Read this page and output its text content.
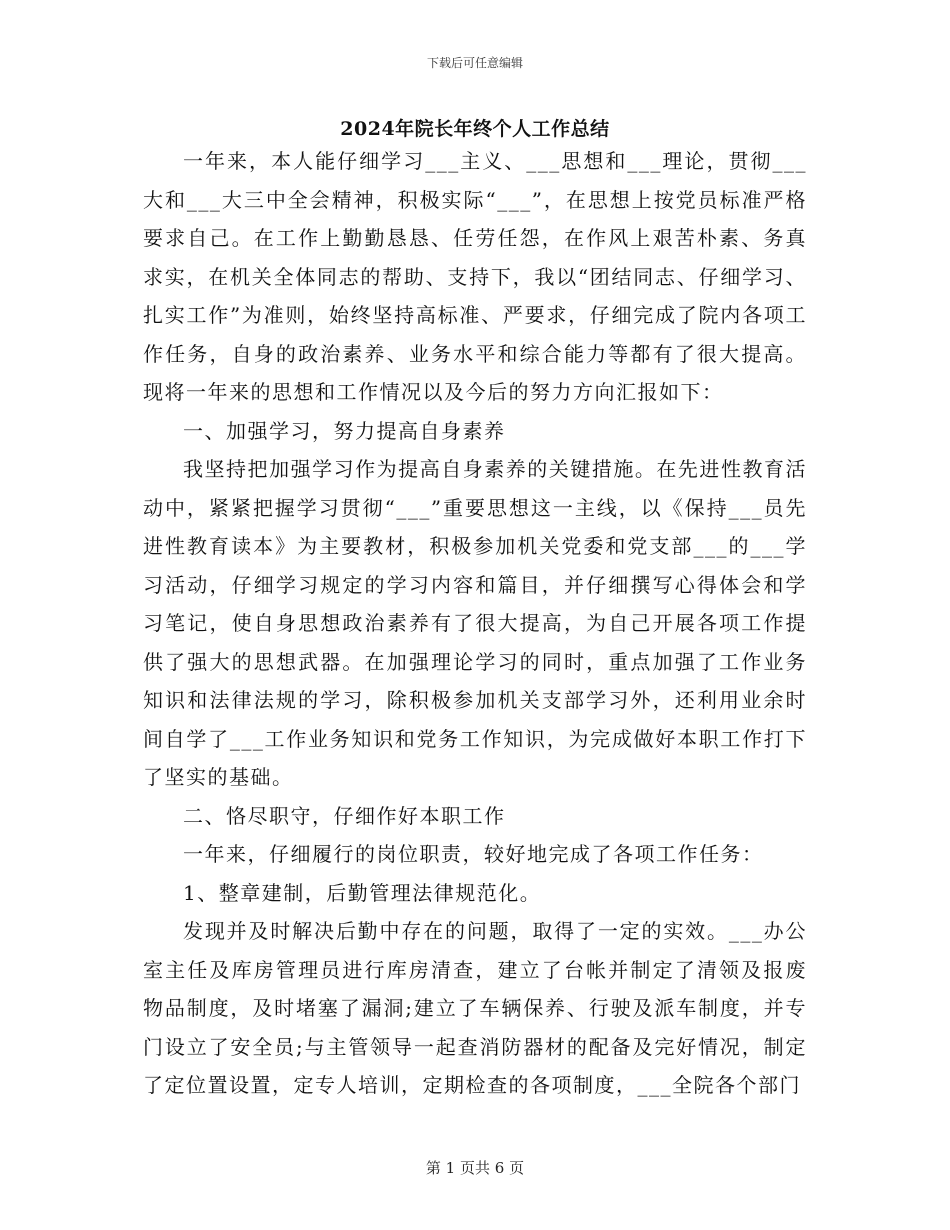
下载后可任意编辑
2024年院长年终个人工作总结

一年来，本人能仔细学习___主义、___思想和___理论，贯彻___大和___大三中全会精神，积极实际“___”，在思想上按党员标准严格要求自己。在工作上勤勤恳恳、任劳任怨，在作风上艰苦朴素、务真求实，在机关全体同志的帮助、支持下，我以“团结同志、仔细学习、扎实工作”为准则，始终坚持高标准、严要求，仔细完成了院内各项工作任务，自身的政治素养、业务水平和综合能力等都有了很大提高。现将一年来的思想和工作情况以及今后的努力方向汇报如下：

一、加强学习，努力提高自身素养

我坚持把加强学习作为提高自身素养的关键措施。在先进性教育活动中，紧紧把握学习贯彻“___”重要思想这一主线，以《保持___员先进性教育读本》为主要教材，积极参加机关党委和党支部___的___学习活动，仔细学习规定的学习内容和篇目，并仔细撰写心得体会和学习笔记，使自身思想政治素养有了很大提高，为自己开展各项工作提供了强大的思想武器。在加强理论学习的同时，重点加强了工作业务知识和法律法规的学习，除积极参加机关支部学习外，还利用业余时间自学了___工作业务知识和党务工作知识，为完成做好本职工作打下了坚实的基础。

二、恪尽职守，仔细作好本职工作

一年来，仔细履行的岗位职责，较好地完成了各项工作任务：

1、整章建制，后勤管理法律规范化。

发现并及时解决后勤中存在的问题，取得了一定的实效。___办公室主任及库房管理员进行库房清查，建立了台帐并制定了清领及报废物品制度，及时堵塞了漏洞;建立了车辆保养、行驶及派车制度，并专门设立了安全员;与主管领导一起查消防器材的配备及完好情况，制定了定位置设置，定专人培训，定期检查的各项制度，___全院各个部门

第 1 页共 6 页
